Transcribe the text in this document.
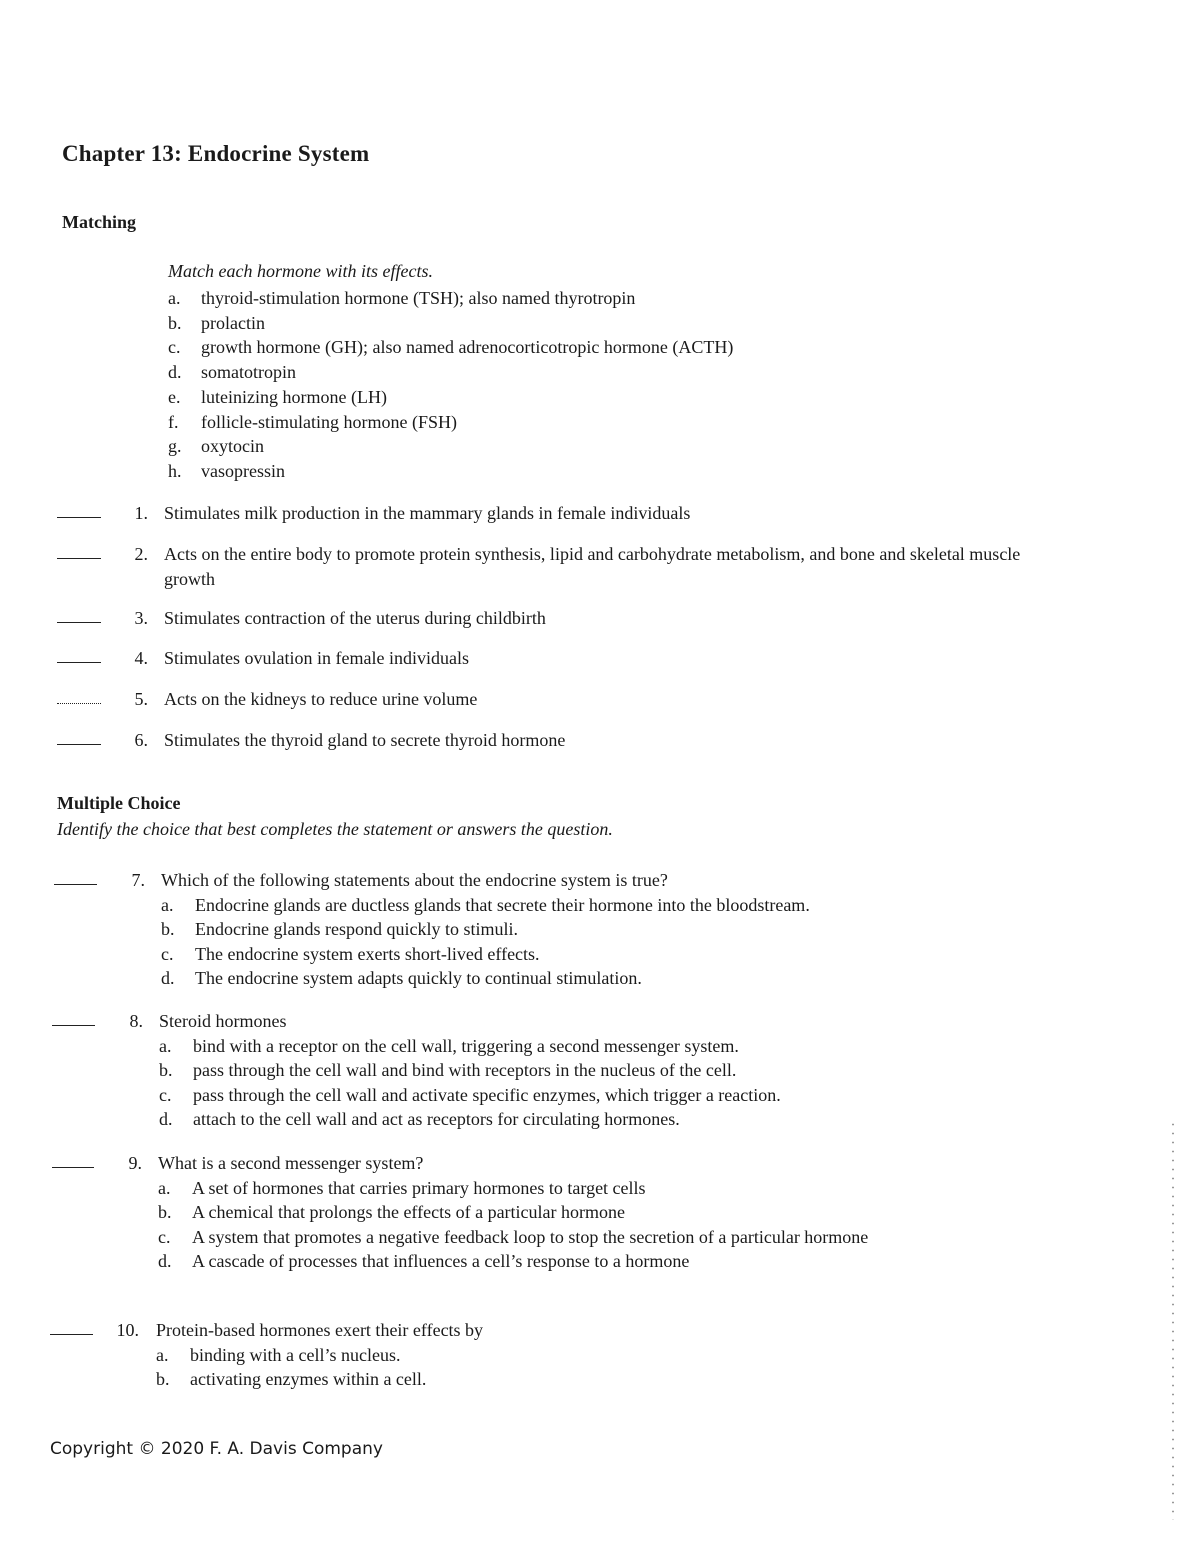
Chapter 13: Endocrine System
Matching

Match each hormone with its effects.

a.	thyroid-stimulation hormone (TSH); also named thyrotropin
b.	prolactin
c.	growth hormone (GH); also named adrenocorticotropic hormone (ACTH)
d.	somatotropin
e.	luteinizing hormone (LH)
f.	follicle-stimulating hormone (FSH)
g.	oxytocin
h.	vasopressin
1. Stimulates milk production in the mammary glands in female individuals
2. Acts on the entire body to promote protein synthesis, lipid and carbohydrate metabolism, and bone and skeletal muscle growth
3. Stimulates contraction of the uterus during childbirth
4. Stimulates ovulation in female individuals
5. Acts on the kidneys to reduce urine volume
6. Stimulates the thyroid gland to secrete thyroid hormone
Multiple Choice

Identify the choice that best completes the statement or answers the question.

7. Which of the following statements about the endocrine system is true?
a.	Endocrine glands are ductless glands that secrete their hormone into the bloodstream.
b.	Endocrine glands respond quickly to stimuli.
c.	The endocrine system exerts short-lived effects.
d.	The endocrine system adapts quickly to continual stimulation.
8. Steroid hormones
a.	bind with a receptor on the cell wall, triggering a second messenger system.
b.	pass through the cell wall and bind with receptors in the nucleus of the cell.
c.	pass through the cell wall and activate specific enzymes, which trigger a reaction.
d.	attach to the cell wall and act as receptors for circulating hormones.
9. What is a second messenger system?
a.	A set of hormones that carries primary hormones to target cells
b.	A chemical that prolongs the effects of a particular hormone
c.	A system that promotes a negative feedback loop to stop the secretion of a particular hormone
d.	A cascade of processes that influences a cell’s response to a hormone
10. Protein-based hormones exert their effects by
a.	binding with a cell’s nucleus.
b.	activating enzymes within a cell.

Copyright © 2020 F. A. Davis Company
